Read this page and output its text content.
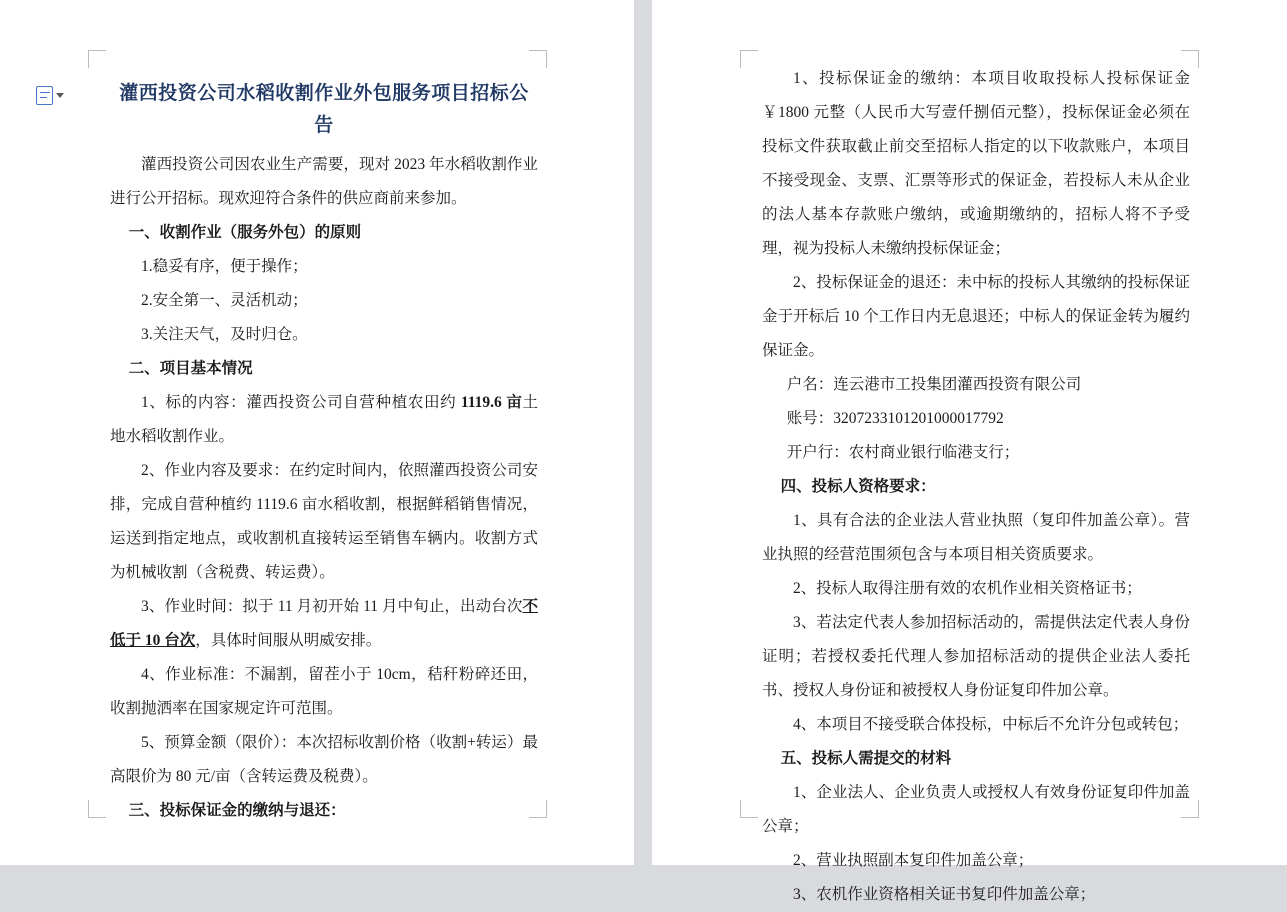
灌西投资公司水稻收割作业外包服务项目招标公告

灌西投资公司因农业生产需要，现对 2023 年水稻收割作业进行公开招标。现欢迎符合条件的供应商前来参加。

一、收割作业（服务外包）的原则

1.稳妥有序，便于操作；

2.安全第一、灵活机动；

3.关注天气，及时归仓。

二、项目基本情况

1、标的内容：灌西投资公司自营种植农田约 1119.6 亩土地水稻收割作业。

2、作业内容及要求：在约定时间内，依照灌西投资公司安排，完成自营种植约 1119.6 亩水稻收割，根据鲜稻销售情况，运送到指定地点，或收割机直接转运至销售车辆内。收割方式为机械收割（含税费、转运费）。

3、作业时间：拟于 11 月初开始 11 月中旬止，出动台次不低于 10 台次，具体时间服从明威安排。

4、作业标准：不漏割，留茬小于 10cm，秸秆粉碎还田，收割抛洒率在国家规定许可范围。

5、预算金额（限价）：本次招标收割价格（收割+转运）最高限价为 80 元/亩（含转运费及税费）。

三、投标保证金的缴纳与退还：

1、投标保证金的缴纳：本项目收取投标人投标保证金￥1800 元整（人民币大写壹仟捌佰元整），投标保证金必须在投标文件获取截止前交至招标人指定的以下收款账户，本项目不接受现金、支票、汇票等形式的保证金，若投标人未从企业的法人基本存款账户缴纳，或逾期缴纳的，招标人将不予受理，视为投标人未缴纳投标保证金；

2、投标保证金的退还：未中标的投标人其缴纳的投标保证金于开标后 10 个工作日内无息退还；中标人的保证金转为履约保证金。

户名：连云港市工投集团灌西投资有限公司

账号：3207233101201000017792

开户行：农村商业银行临港支行；

四、投标人资格要求：

1、具有合法的企业法人营业执照（复印件加盖公章）。营业执照的经营范围须包含与本项目相关资质要求。

2、投标人取得注册有效的农机作业相关资格证书；

3、若法定代表人参加招标活动的，需提供法定代表人身份证明；若授权委托代理人参加招标活动的提供企业法人委托书、授权人身份证和被授权人身份证复印件加公章。

4、本项目不接受联合体投标，中标后不允许分包或转包；

五、投标人需提交的材料

1、企业法人、企业负责人或授权人有效身份证复印件加盖公章；

2、营业执照副本复印件加盖公章；

3、农机作业资格相关证书复印件加盖公章；
